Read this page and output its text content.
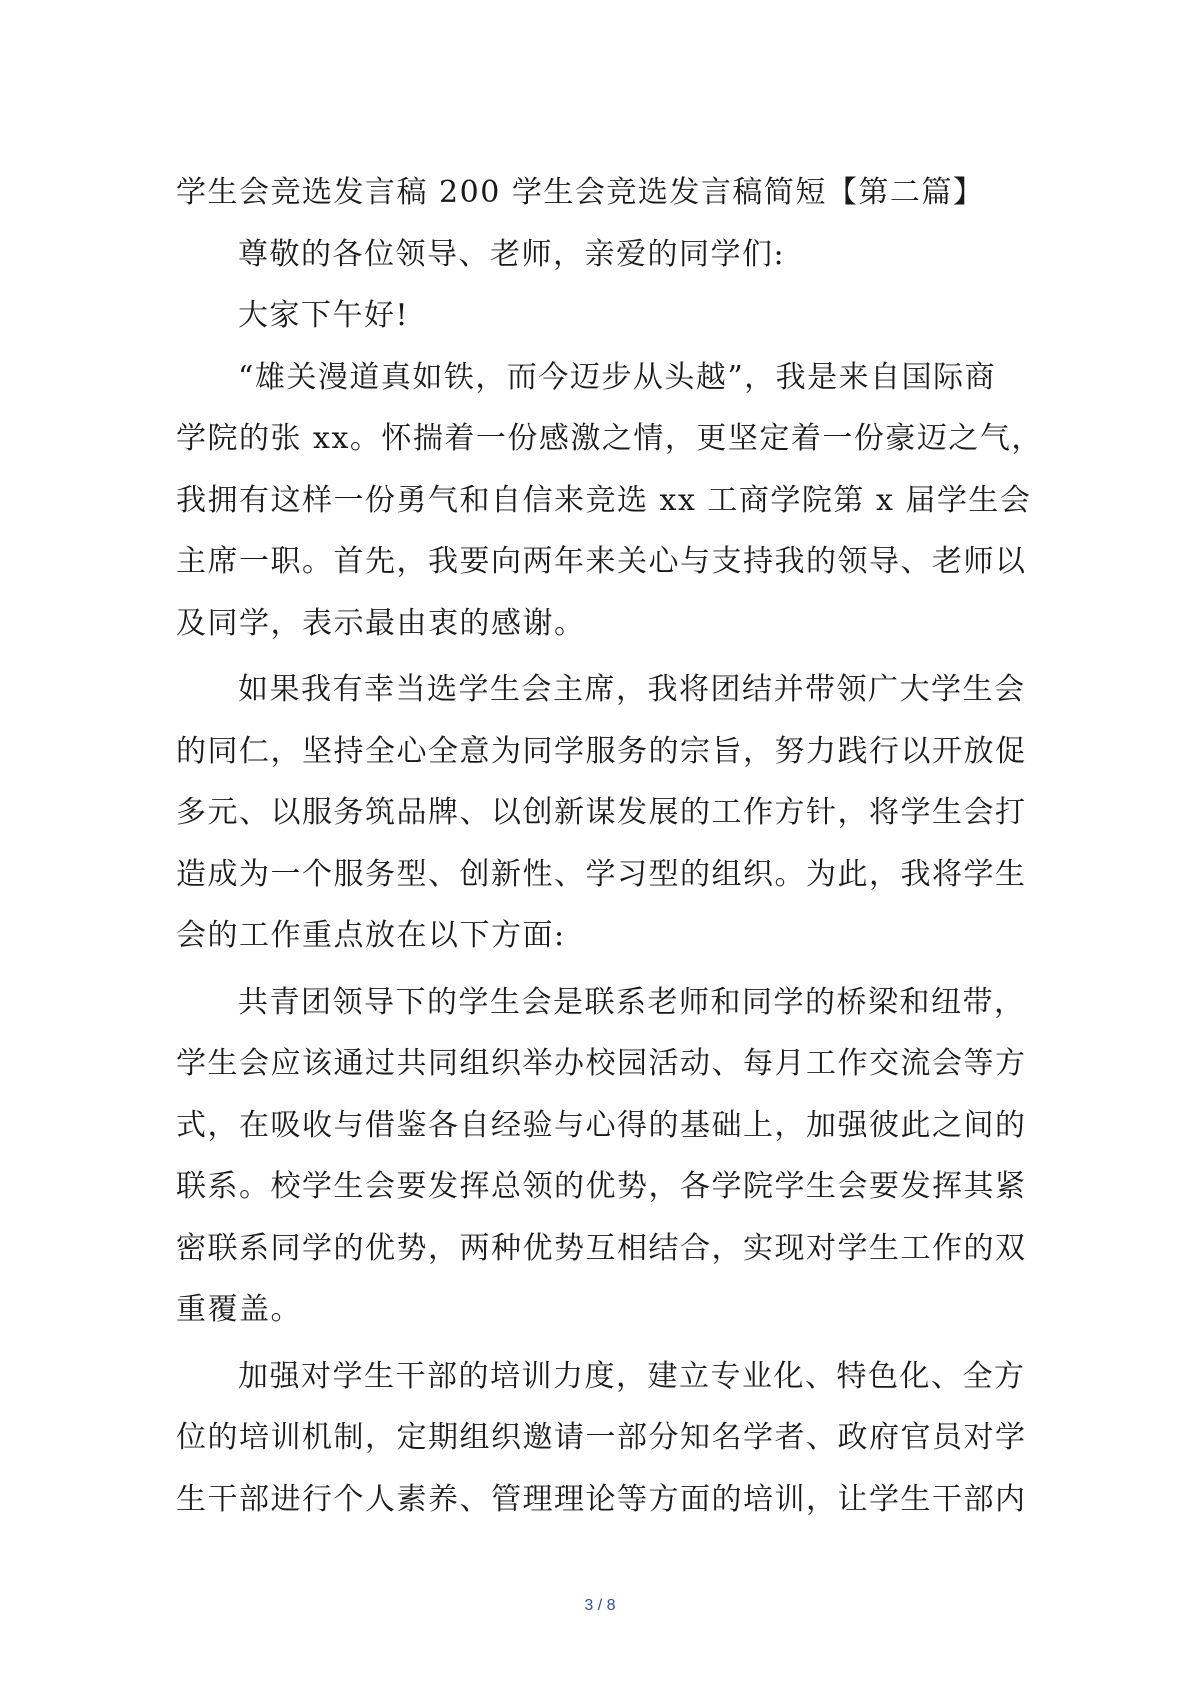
学生会竞选发言稿 200 学生会竞选发言稿简短【第二篇】

尊敬的各位领导、老师，亲爱的同学们:

大家下午好!

“雄关漫道真如铁，而今迈步从头越”，我是来自国际商

学院的张 xx。怀揣着一份感激之情，更坚定着一份豪迈之气，

我拥有这样一份勇气和自信来竞选 xx 工商学院第 x 届学生会

主席一职。首先，我要向两年来关心与支持我的领导、老师以

及同学，表示最由衷的感谢。

如果我有幸当选学生会主席，我将团结并带领广大学生会

的同仁，坚持全心全意为同学服务的宗旨，努力践行以开放促

多元、以服务筑品牌、以创新谋发展的工作方针，将学生会打

造成为一个服务型、创新性、学习型的组织。为此，我将学生

会的工作重点放在以下方面:

共青团领导下的学生会是联系老师和同学的桥梁和纽带，

学生会应该通过共同组织举办校园活动、每月工作交流会等方

式，在吸收与借鉴各自经验与心得的基础上，加强彼此之间的

联系。校学生会要发挥总领的优势，各学院学生会要发挥其紧

密联系同学的优势，两种优势互相结合，实现对学生工作的双

重覆盖。

加强对学生干部的培训力度，建立专业化、特色化、全方

位的培训机制，定期组织邀请一部分知名学者、政府官员对学

生干部进行个人素养、管理理论等方面的培训，让学生干部内

3 / 8
